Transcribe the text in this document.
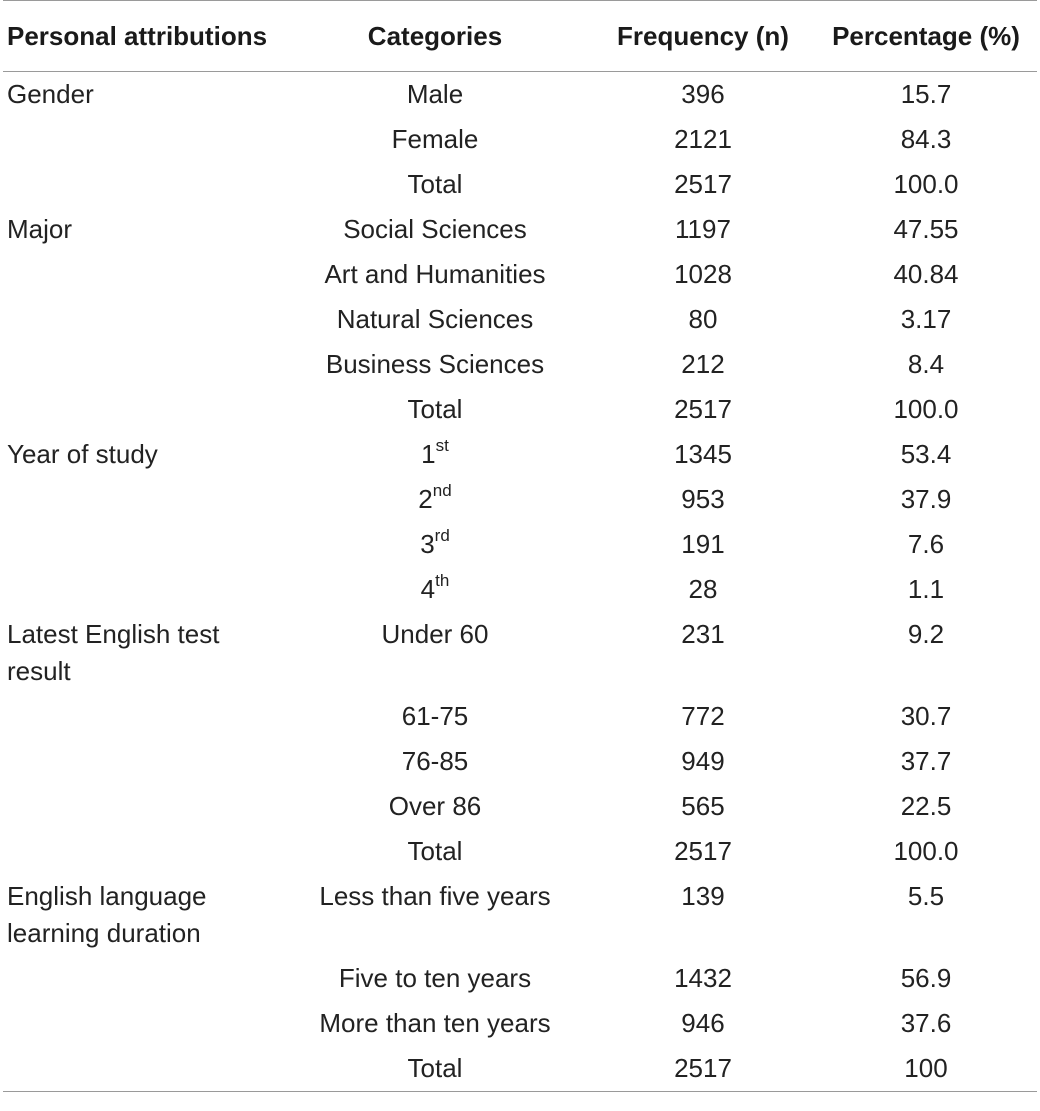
Personal attributions	Categories	Frequency (n)	Percentage (%)
Gender	Male	396	15.7
	Female	2121	84.3
	Total	2517	100.0
Major	Social Sciences	1197	47.55
	Art and Humanities	1028	40.84
	Natural Sciences	80	3.17
	Business Sciences	212	8.4
	Total	2517	100.0
Year of study	1st	1345	53.4
	2nd	953	37.9
	3rd	191	7.6
	4th	28	1.1
Latest English test result	Under 60	231	9.2
	61-75	772	30.7
	76-85	949	37.7
	Over 86	565	22.5
	Total	2517	100.0
English language learning duration	Less than five years	139	5.5
	Five to ten years	1432	56.9
	More than ten years	946	37.6
	Total	2517	100
